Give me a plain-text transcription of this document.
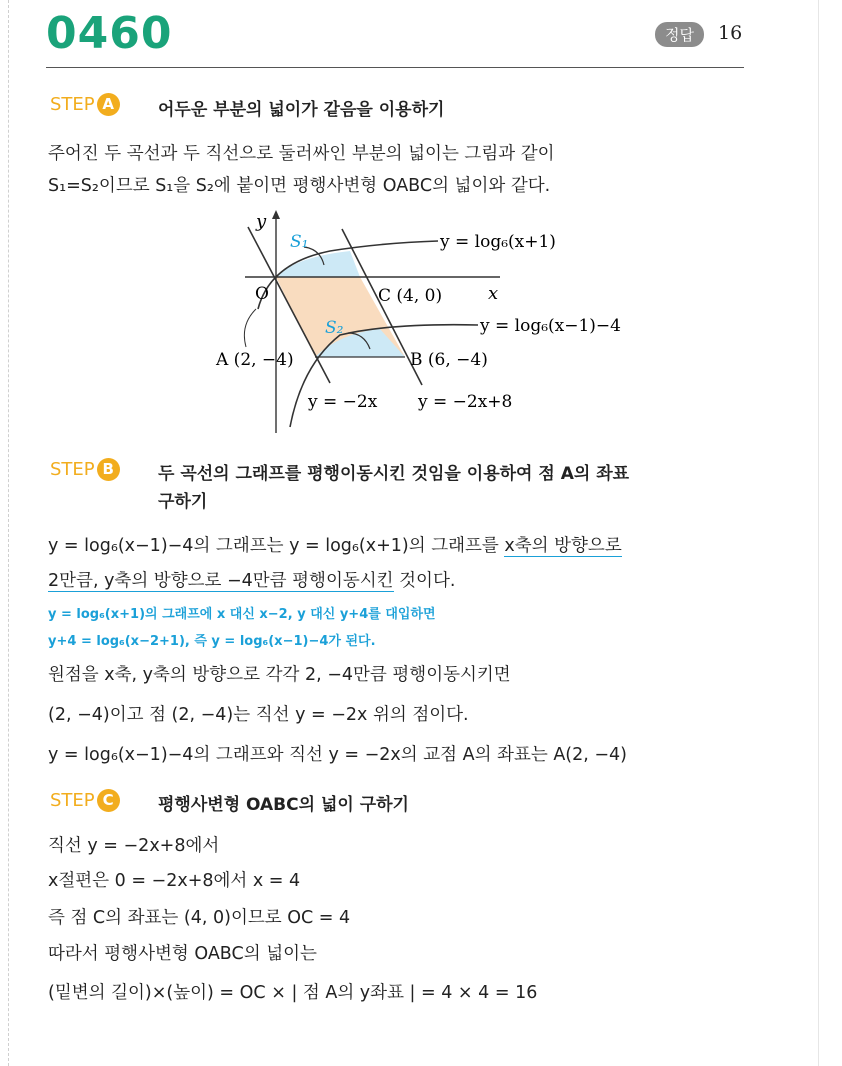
0460	정답	16
STEP A	어두운 부분의 넓이가 같음을 이용하기
주어진 두 곡선과 두 직선으로 둘러싸인 부분의 넓이는 그림과 같이
S₁=S₂이므로 S₁을 S₂에 붙이면 평행사변형 OABC의 넓이와 같다.
y
x
O	C (4, 0)
A (2, −4)	B (6, −4)
S₁
S₂
y = log₆(x+1)
y = log₆(x−1)−4
y = −2x y = −2x+8
STEP B	두 곡선의 그래프를 평행이동시킨 것임을 이용하여 점 A의 좌표
구하기
y = log₆(x−1)−4의 그래프는 y = log₆(x+1)의 그래프를 x축의 방향으로
2만큼, y축의 방향으로 −4만큼 평행이동시킨 것이다.
y = log₆(x+1)의 그래프에 x 대신 x−2, y 대신 y+4를 대입하면
y+4 = log₆(x−2+1), 즉 y = log₆(x−1)−4가 된다.
원점을 x축, y축의 방향으로 각각 2, −4만큼 평행이동시키면
(2, −4)이고 점 (2, −4)는 직선 y = −2x 위의 점이다.
y = log₆(x−1)−4의 그래프와 직선 y = −2x의 교점 A의 좌표는 A(2, −4)
STEP C	평행사변형 OABC의 넓이 구하기
직선 y = −2x+8에서
x절편은 0 = −2x+8에서 x = 4
즉 점 C의 좌표는 (4, 0)이므로 OC = 4
따라서 평행사변형 OABC의 넓이는
(밑변의 길이)×(높이) = OC × | 점 A의 y좌표 | = 4 × 4 = 16
